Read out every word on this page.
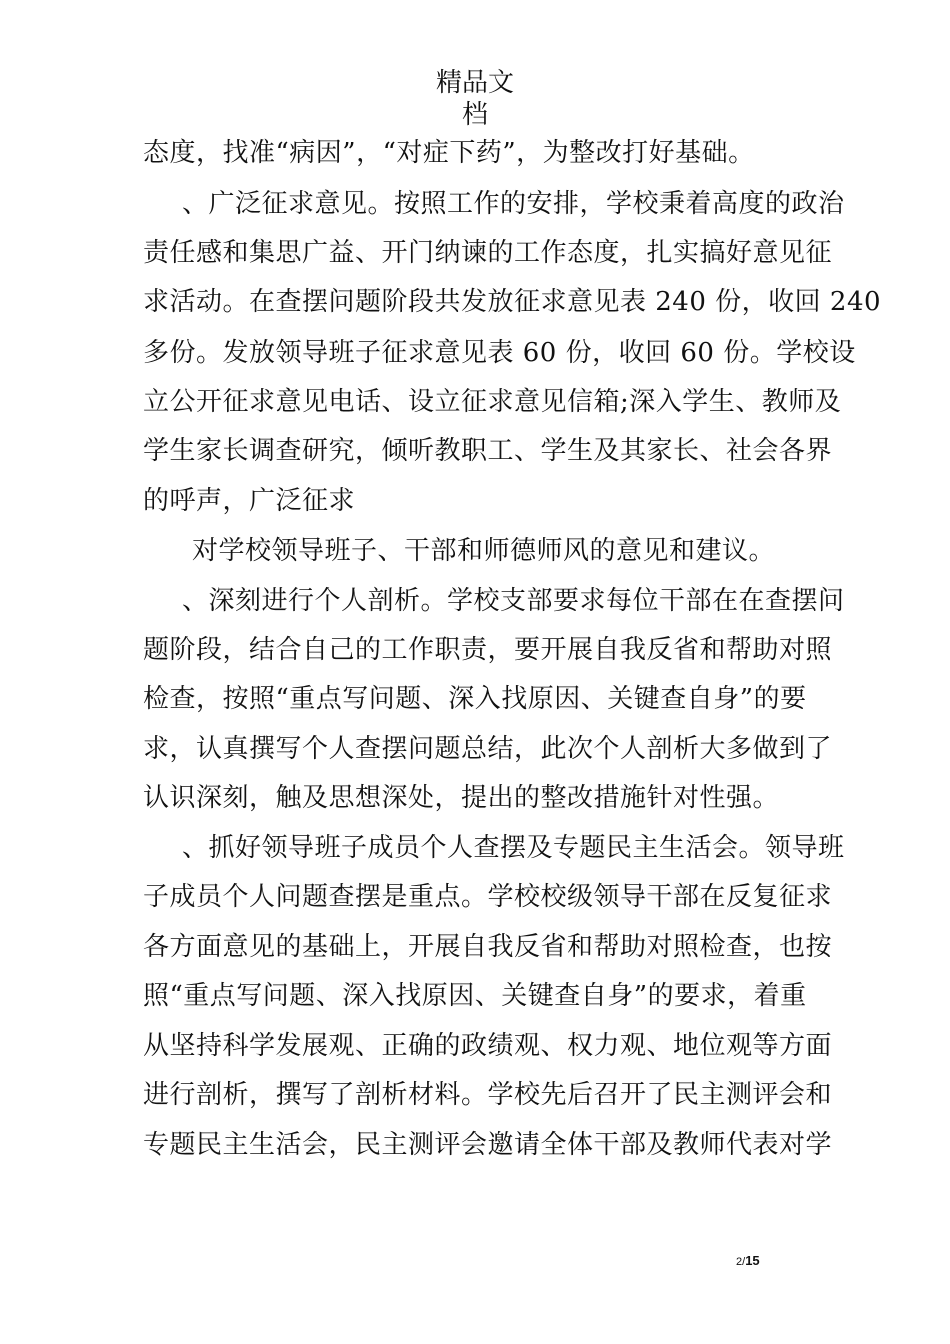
精品文
档
态度，找准“病因”，“对症下药”，为整改打好基础。
、广泛征求意见。按照工作的安排，学校秉着高度的政治
责任感和集思广益、开门纳谏的工作态度，扎实搞好意见征
求活动。在查摆问题阶段共发放征求意见表 240 份，收回 240
多份。发放领导班子征求意见表 60 份，收回 60 份。学校设
立公开征求意见电话、设立征求意见信箱;深入学生、教师及
学生家长调查研究，倾听教职工、学生及其家长、社会各界
的呼声，广泛征求
对学校领导班子、干部和师德师风的意见和建议。
、深刻进行个人剖析。学校支部要求每位干部在在查摆问
题阶段，结合自己的工作职责，要开展自我反省和帮助对照
检查，按照“重点写问题、深入找原因、关键查自身”的要
求，认真撰写个人查摆问题总结，此次个人剖析大多做到了
认识深刻，触及思想深处，提出的整改措施针对性强。
、抓好领导班子成员个人查摆及专题民主生活会。领导班
子成员个人问题查摆是重点。学校校级领导干部在反复征求
各方面意见的基础上，开展自我反省和帮助对照检查，也按
照“重点写问题、深入找原因、关键查自身”的要求，着重
从坚持科学发展观、正确的政绩观、权力观、地位观等方面
进行剖析，撰写了剖析材料。学校先后召开了民主测评会和
专题民主生活会，民主测评会邀请全体干部及教师代表对学
2/15
